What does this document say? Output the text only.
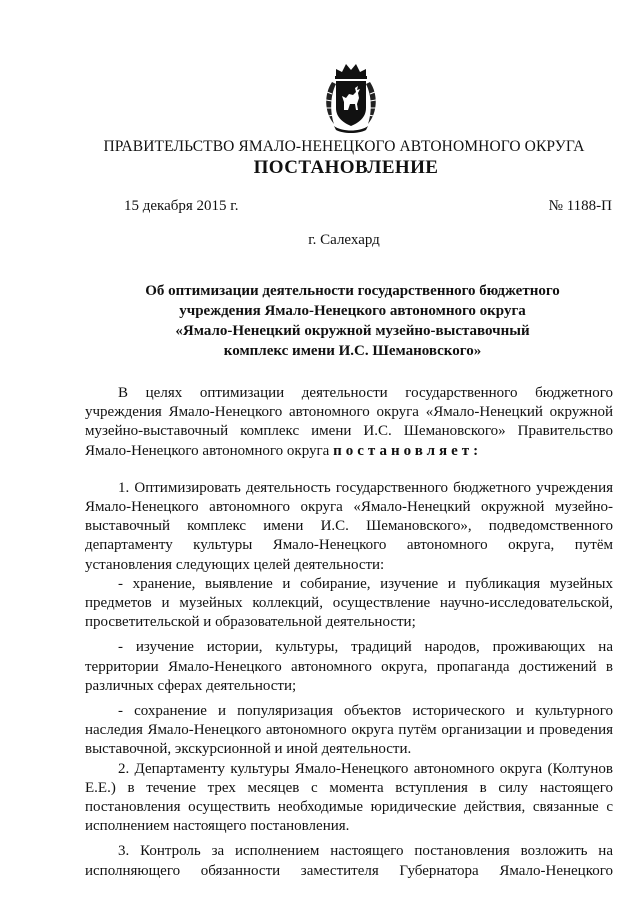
ПРАВИТЕЛЬСТВО ЯМАЛО-НЕНЕЦКОГО АВТОНОМНОГО ОКРУГА
ПОСТАНОВЛЕНИЕ
15 декабря 2015 г.	№ 1188-П
г. Салехард
Об оптимизации деятельности государственного бюджетного
учреждения Ямало-Ненецкого автономного округа
«Ямало-Ненецкий окружной музейно-выставочный
комплекс имени И.С. Шемановского»

В целях оптимизации деятельности государственного бюджетного учреждения Ямало-Ненецкого автономного округа «Ямало-Ненецкий окружной музейно-выставочный комплекс имени И.С. Шемановского» Правительство Ямало-Ненецкого автономного округа постановляет:

1. Оптимизировать деятельность государственного бюджетного учреждения Ямало-Ненецкого автономного округа «Ямало-Ненецкий окружной музейно-выставочный комплекс имени И.С. Шемановского», подведомственного департаменту культуры Ямало-Ненецкого автономного округа, путём установления следующих целей деятельности:

- хранение, выявление и собирание, изучение и публикация музейных предметов и музейных коллекций, осуществление научно-исследовательской, просветительской и образовательной деятельности;

- изучение истории, культуры, традиций народов, проживающих на территории Ямало-Ненецкого автономного округа, пропаганда достижений в различных сферах деятельности;

- сохранение и популяризация объектов исторического и культурного наследия Ямало-Ненецкого автономного округа путём организации и проведения выставочной, экскурсионной и иной деятельности.

2. Департаменту культуры Ямало-Ненецкого автономного округа (Колтунов Е.Е.) в течение трех месяцев с момента вступления в силу настоящего постановления осуществить необходимые юридические действия, связанные с исполнением настоящего постановления.

3. Контроль за исполнением настоящего постановления возложить на исполняющего обязанности заместителя Губернатора Ямало-Ненецкого
